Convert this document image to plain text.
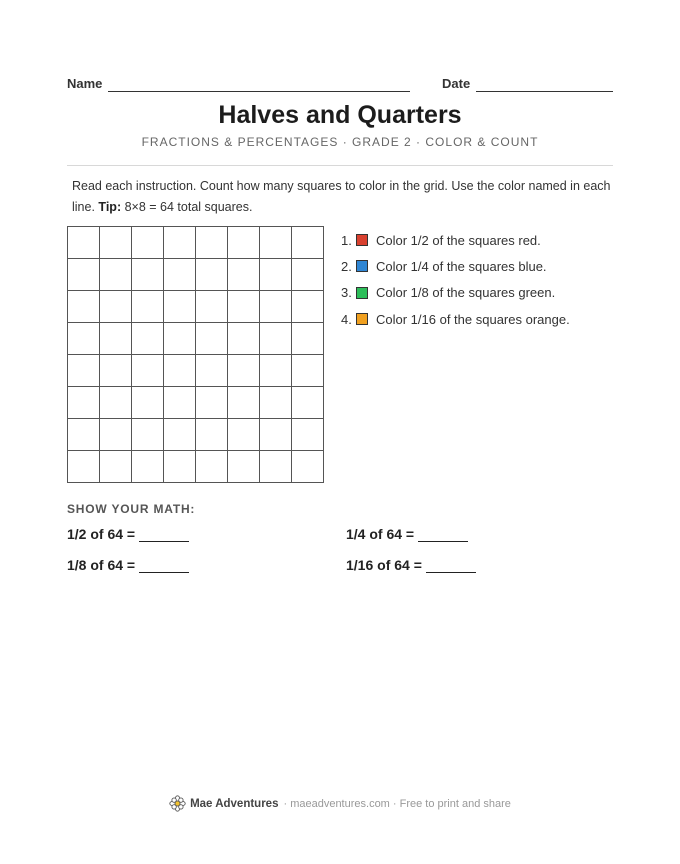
Name	Date
Halves and Quarters
FRACTIONS & PERCENTAGES · GRADE 2 · COLOR & COUNT
Read each instruction. Count how many squares to color in the grid. Use the color named in each line. Tip: 8×8 = 64 total squares.
1.	Color 1/2 of the squares red.
2.	Color 1/4 of the squares blue.
3.	Color 1/8 of the squares green.
4.	Color 1/16 of the squares orange.
SHOW YOUR MATH:
1/2 of 64 =	1/4 of 64 =
1/8 of 64 =	1/16 of 64 =
Mae Adventures · maeadventures.com · Free to print and share
